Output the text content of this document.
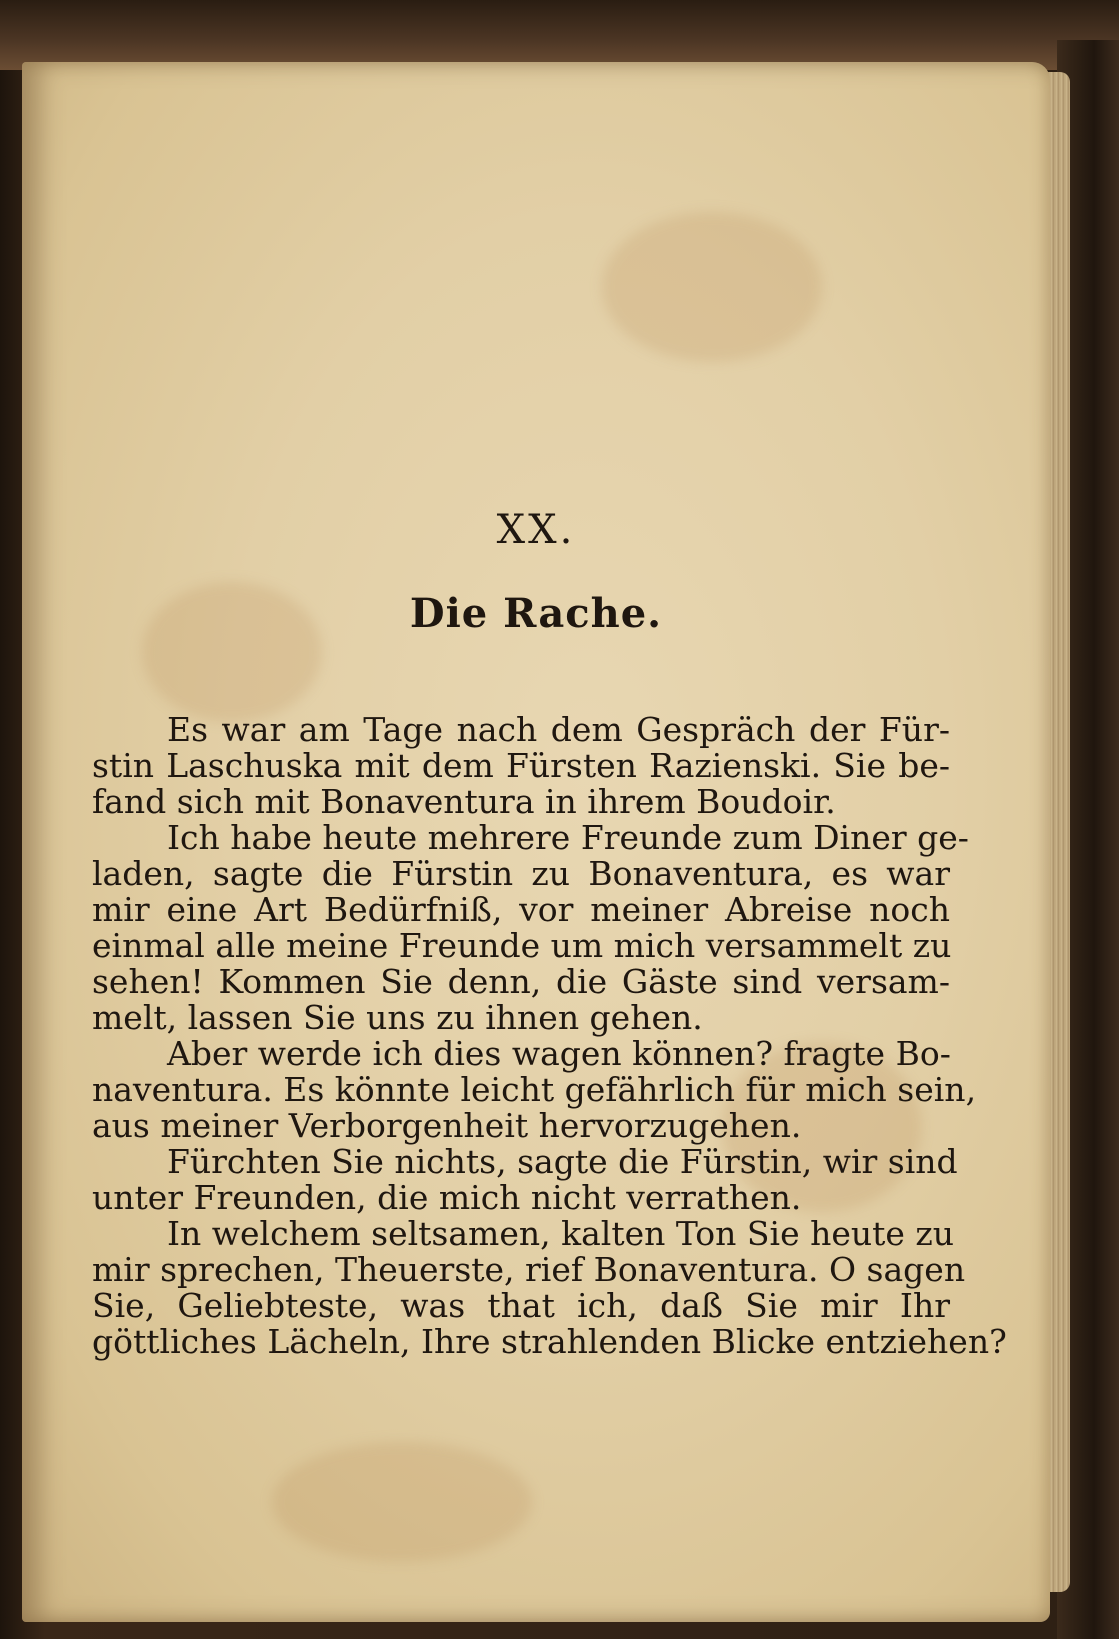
XX.
Die Rache.
Es war am Tage nach dem Gespräch der Für-
stin Laschuska mit dem Fürsten Razienski. Sie be-
fand sich mit Bonaventura in ihrem Boudoir.
Ich habe heute mehrere Freunde zum Diner ge-
laden, sagte die Fürstin zu Bonaventura, es war
mir eine Art Bedürfniß, vor meiner Abreise noch
einmal alle meine Freunde um mich versammelt zu
sehen! Kommen Sie denn, die Gäste sind versam-
melt, lassen Sie uns zu ihnen gehen.
Aber werde ich dies wagen können? fragte Bo-
naventura. Es könnte leicht gefährlich für mich sein,
aus meiner Verborgenheit hervorzugehen.
Fürchten Sie nichts, sagte die Fürstin, wir sind
unter Freunden, die mich nicht verrathen.
In welchem seltsamen, kalten Ton Sie heute zu
mir sprechen, Theuerste, rief Bonaventura. O sagen
Sie, Geliebteste, was that ich, daß Sie mir Ihr
göttliches Lächeln, Ihre strahlenden Blicke entziehen?
